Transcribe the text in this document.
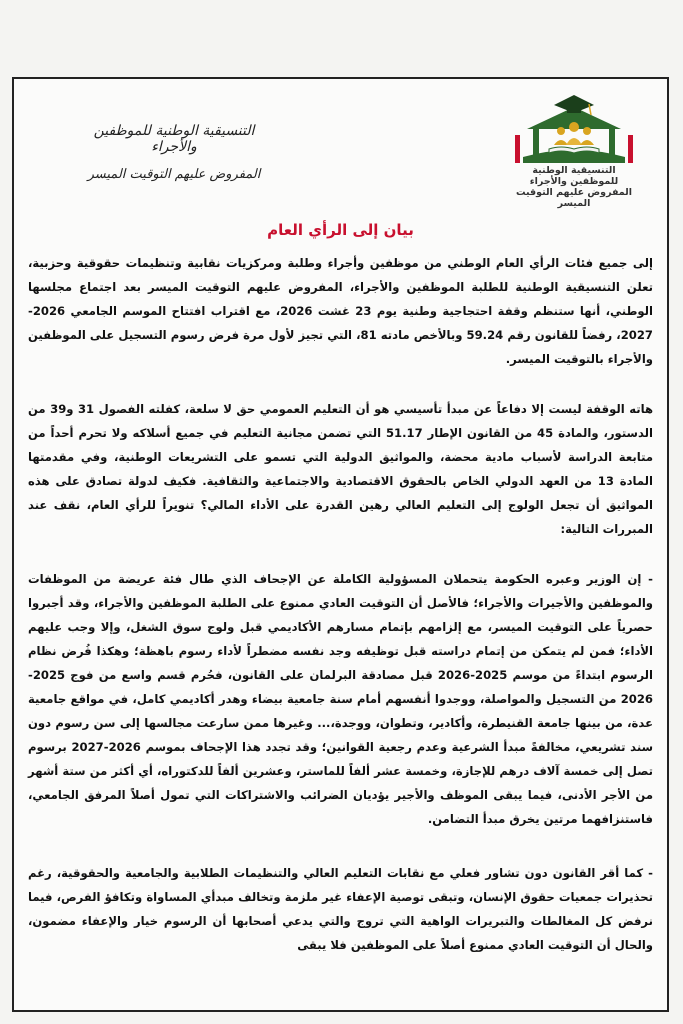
التنسيقية الوطنية للموظفين والأجراء
المفروض عليهم التوقيت الميسر	التنسيقية الوطنية للموظفين والأجراء
المفروض عليهم التوقيت الميسر
بيان إلى الرأي العام

إلى جميع فئات الرأي العام الوطني من موظفين وأجراء وطلبة ومركزيات نقابية وتنظيمات حقوقية وحزبية، تعلن التنسيقية الوطنية للطلبة الموظفين والأجراء، المفروض عليهم التوقيت الميسر بعد اجتماع مجلسها الوطني، أنها ستنظم وقفة احتجاجية وطنية يوم 23 غشت 2026، مع اقتراب افتتاح الموسم الجامعي 2026-2027، رفضاً للقانون رقم 59.24 وبالأخص مادته 81، التي تجيز لأول مرة فرض رسوم التسجيل على الموظفين والأجراء بالتوقيت الميسر.

هاته الوقفة ليست إلا دفاعاً عن مبدأ تأسيسي هو أن التعليم العمومي حق لا سلعة، كفلته الفصول 31 و39 من الدستور، والمادة 45 من القانون الإطار 51.17 التي تضمن مجانية التعليم في جميع أسلاكه ولا تحرم أحداً من متابعة الدراسة لأسباب مادية محضة، والمواثيق الدولية التي تسمو على التشريعات الوطنية، وفي مقدمتها المادة 13 من العهد الدولي الخاص بالحقوق الاقتصادية والاجتماعية والثقافية. فكيف لدولة تصادق على هذه المواثيق أن تجعل الولوج إلى التعليم العالي رهين القدرة على الأداء المالي؟ تنويراً للرأي العام، نقف عند المبررات التالية:

- إن الوزير وعبره الحكومة يتحملان المسؤولية الكاملة عن الإجحاف الذي طال فئة عريضة من الموظفات والموظفين والأجيرات والأجراء؛ فالأصل أن التوقيت العادي ممنوع على الطلبة الموظفين والأجراء، وقد أجبروا حصرياً على التوقيت الميسر، مع إلزامهم بإتمام مسارهم الأكاديمي قبل ولوج سوق الشغل، وإلا وجب عليهم الأداء؛ فمن لم يتمكن من إتمام دراسته قبل توظيفه وجد نفسه مضطراً لأداء رسوم باهظة؛ وهكذا فُرض نظام الرسوم ابتداءً من موسم 2025-2026 قبل مصادقة البرلمان على القانون، فحُرم قسم واسع من فوج 2025-2026 من التسجيل والمواصلة، ووجدوا أنفسهم أمام سنة جامعية بيضاء وهدر أكاديمي كامل، في مواقع جامعية عدة، من بينها جامعة القنيطرة، وأكادير، وتطوان، ووجدة،... وغيرها ممن سارعت مجالسها إلى سن رسوم دون سند تشريعي، مخالفةً مبدأ الشرعية وعدم رجعية القوانين؛ وقد تجدد هذا الإجحاف بموسم 2026-2027 برسوم تصل إلى خمسة آلاف درهم للإجازة، وخمسة عشر ألفاً للماستر، وعشرين ألفاً للدكتوراه، أي أكثر من ستة أشهر من الأجر الأدنى، فيما يبقى الموظف والأجير يؤديان الضرائب والاشتراكات التي تمول أصلاً المرفق الجامعي، فاستنزافهما مرتين يخرق مبدأ التضامن.

- كما أقر القانون دون تشاور فعلي مع نقابات التعليم العالي والتنظيمات الطلابية والجامعية والحقوقية، رغم تحذيرات جمعيات حقوق الإنسان، وتبقى توصية الإعفاء غير ملزمة وتخالف مبدأي المساواة وتكافؤ الفرص، فيما نرفض كل المغالطات والتبريرات الواهية التي تروج والتي يدعي أصحابها أن الرسوم خيار والإعفاء مضمون، والحال أن التوقيت العادي ممنوع أصلاً على الموظفين فلا يبقى
